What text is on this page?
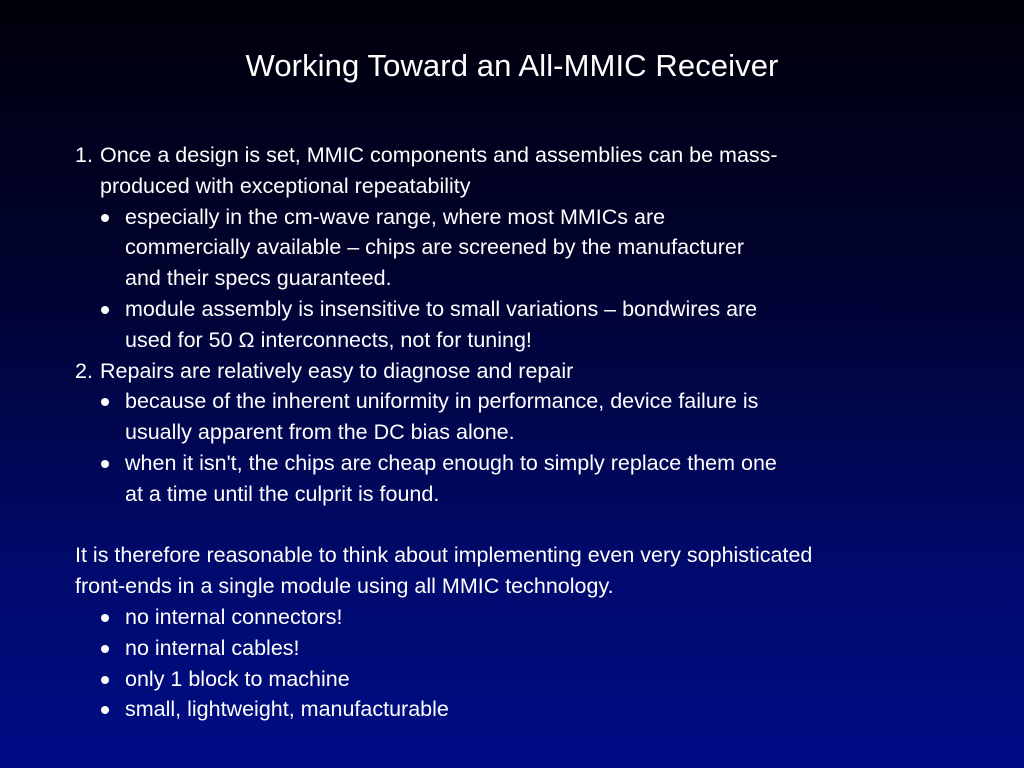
Working Toward an All-MMIC Receiver
1. Once a design is set, MMIC components and assemblies can be mass-
produced with exceptional repeatability
especially in the cm-wave range, where most MMICs are
commercially available – chips are screened by the manufacturer
and their specs guaranteed.
module assembly is insensitive to small variations – bondwires are
used for 50 Ω interconnects, not for tuning!
2. Repairs are relatively easy to diagnose and repair
because of the inherent uniformity in performance, device failure is
usually apparent from the DC bias alone.
when it isn't, the chips are cheap enough to simply replace them one
at a time until the culprit is found.
It is therefore reasonable to think about implementing even very sophisticated
front-ends in a single module using all MMIC technology.
no internal connectors!
no internal cables!
only 1 block to machine
small, lightweight, manufacturable
